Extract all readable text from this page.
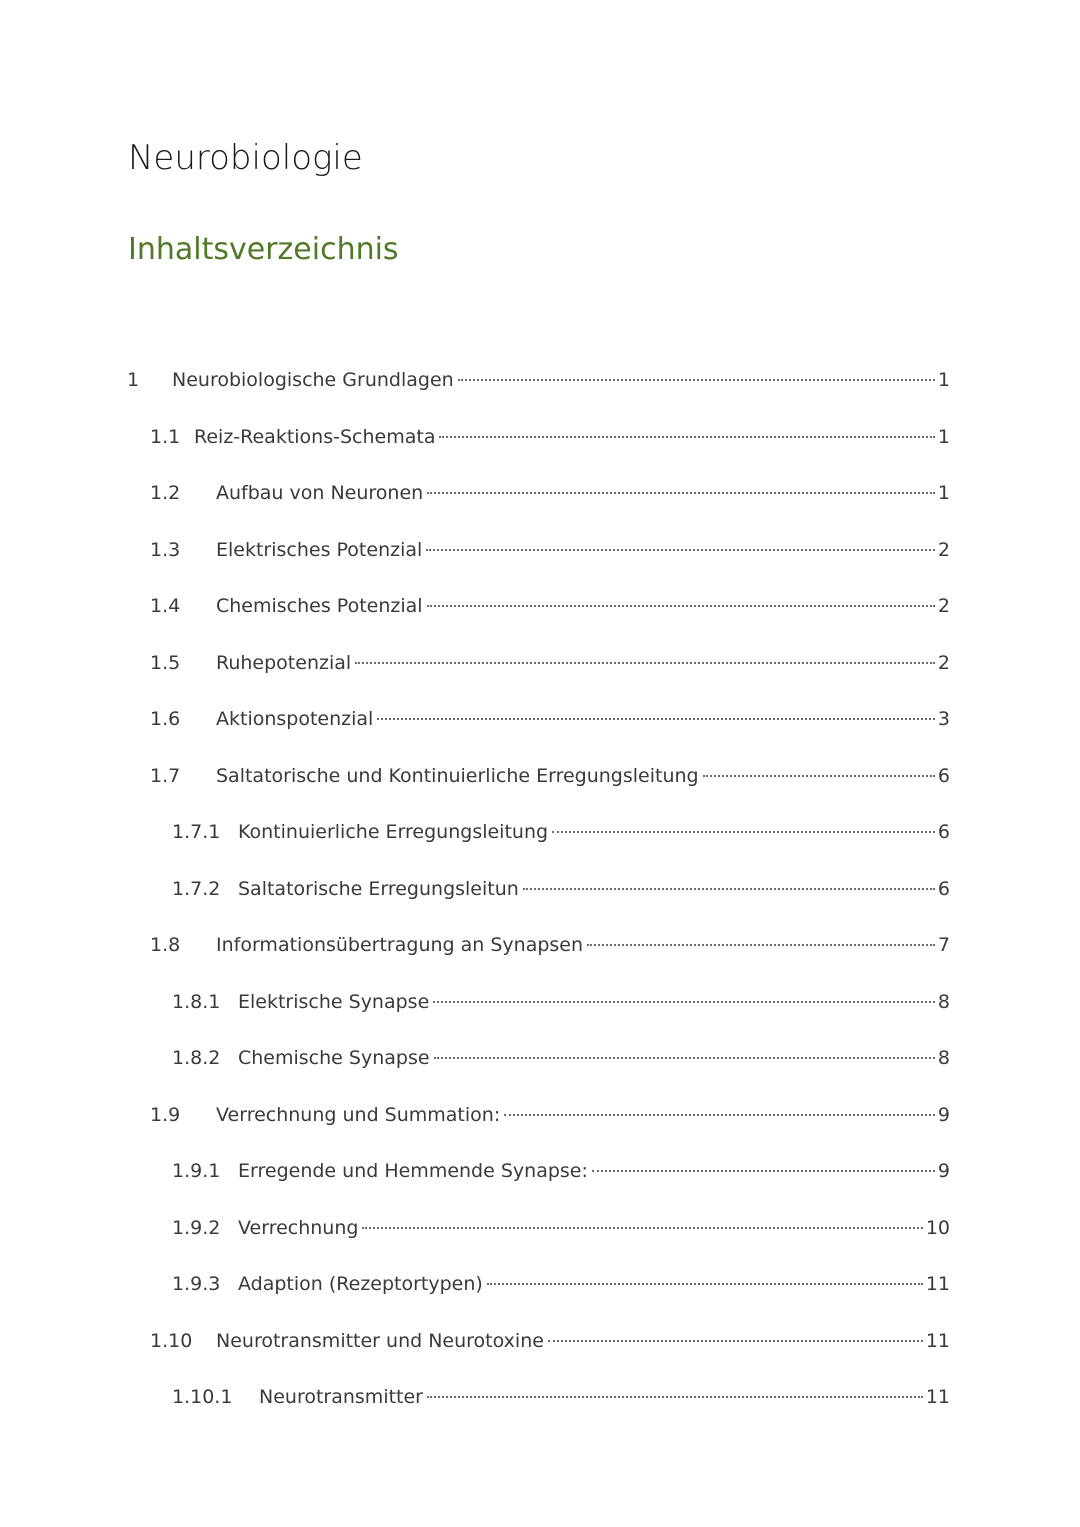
Neurobiologie
Inhaltsverzeichnis
1	Neurobiologische Grundlagen	1
1.1 Reiz-Reaktions-Schemata	1
1.2	Aufbau von Neuronen	1
1.3	Elektrisches Potenzial	2
1.4	Chemisches Potenzial	2
1.5	Ruhepotenzial	2
1.6	Aktionspotenzial	3
1.7	Saltatorische und Kontinuierliche Erregungsleitung	6
1.7.1 Kontinuierliche Erregungsleitung	6
1.7.2 Saltatorische Erregungsleitun	6
1.8	Informationsübertragung an Synapsen	7
1.8.1 Elektrische Synapse	8
1.8.2 Chemische Synapse	8
1.9	Verrechnung und Summation:	9
1.9.1 Erregende und Hemmende Synapse:	9
1.9.2 Verrechnung	10
1.9.3 Adaption (Rezeptortypen)	11
1.10	Neurotransmitter und Neurotoxine	11
1.10.1	Neurotransmitter	11
